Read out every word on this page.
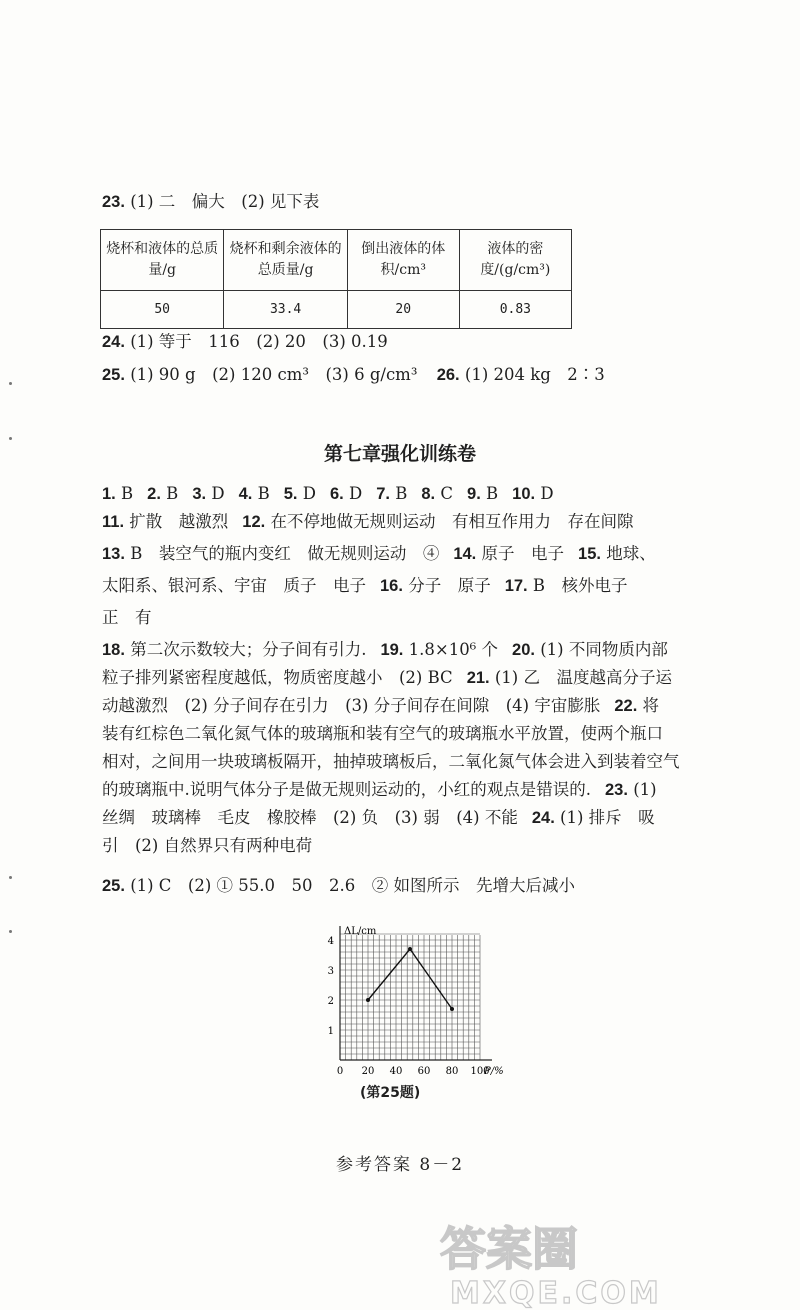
23. (1) 二　偏大　(2) 见下表
烧杯和液体的总质量/g	烧杯和剩余液体的总质量/g	倒出液体的体积/cm³	液体的密度/(g/cm³)
50	33.4	20	0.83
24. (1) 等于　116　(2) 20　(3) 0.19
25. (1) 90 g　(2) 120 cm³　(3) 6 g/cm³ 26. (1) 204 kg　2∶3
第七章强化训练卷
1. B 2. B 3. D 4. B 5. D 6. D 7. B 8. C 9. B 10. D
11. 扩散　越激烈 12. 在不停地做无规则运动　有相互作用力　存在间隙
13. B　装空气的瓶内变红　做无规则运动　④ 14. 原子　电子 15. 地球、
太阳系、银河系、宇宙　质子　电子 16. 分子　原子 17. B　核外电子
正　有
18. 第二次示数较大；分子间有引力. 19. 1.8×10⁶ 个 20. (1) 不同物质内部
粒子排列紧密程度越低，物质密度越小　(2) BC 21. (1) 乙　温度越高分子运
动越激烈　(2) 分子间存在引力　(3) 分子间存在间隙　(4) 宇宙膨胀 22. 将
装有红棕色二氧化氮气体的玻璃瓶和装有空气的玻璃瓶水平放置，使两个瓶口
相对，之间用一块玻璃板隔开，抽掉玻璃板后，二氧化氮气体会进入到装着空气
的玻璃瓶中.说明气体分子是做无规则运动的，小红的观点是错误的. 23. (1)
丝绸　玻璃棒　毛皮　橡胶棒　(2) 负　(3) 弱　(4) 不能 24. (1) 排斥　吸
引　(2) 自然界只有两种电荷
25. (1) C　(2) ① 55.0　50　2.6　② 如图所示　先增大后减小
0 20 40 60 80 100
1
2
3
4
ΔL/cm
P/%
(第25题)
参考答案 8－2
答案圈
MXQE.COM
